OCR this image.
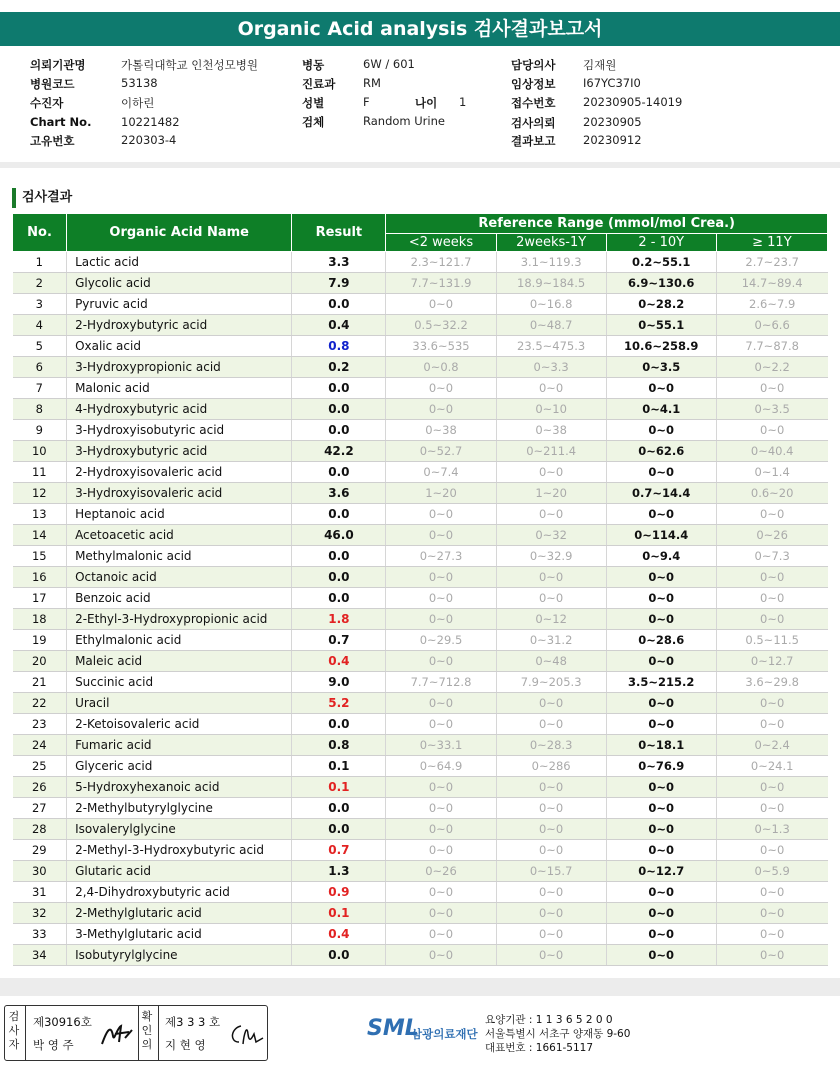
Organic Acid analysis 검사결과보고서
의뢰기관명	가톨릭대학교 인천성모병원
병원코드	53138
수진자	이하린
Chart No.	10221482
고유번호	220303-4
병동	6W / 601
진료과 RM
성별	F	나이 1
검체	Random Urine
담당의사 김재원
임상정보 I67YC37I0
접수번호 20230905-14019
검사의뢰 20230905
결과보고 20230912
검사결과
No.	Organic Acid Name	Result	Reference Range (mmol/mol Crea.)			
			<2 weeks	2weeks-1Y	2 - 10Y	≥ 11Y
1	Lactic acid	3.3	2.3~121.7	3.1~119.3	0.2~55.1	2.7~23.7
2	Glycolic acid	7.9	7.7~131.9	18.9~184.5	6.9~130.6	14.7~89.4
3	Pyruvic acid	0.0	0~0	0~16.8	0~28.2	2.6~7.9
4	2-Hydroxybutyric acid	0.4	0.5~32.2	0~48.7	0~55.1	0~6.6
5	Oxalic acid	0.8	33.6~535	23.5~475.3	10.6~258.9	7.7~87.8
6	3-Hydroxypropionic acid	0.2	0~0.8	0~3.3	0~3.5	0~2.2
7	Malonic acid	0.0	0~0	0~0	0~0	0~0
8	4-Hydroxybutyric acid	0.0	0~0	0~10	0~4.1	0~3.5
9	3-Hydroxyisobutyric acid	0.0	0~38	0~38	0~0	0~0
10	3-Hydroxybutyric acid	42.2	0~52.7	0~211.4	0~62.6	0~40.4
11	2-Hydroxyisovaleric acid	0.0	0~7.4	0~0	0~0	0~1.4
12	3-Hydroxyisovaleric acid	3.6	1~20	1~20	0.7~14.4	0.6~20
13	Heptanoic acid	0.0	0~0	0~0	0~0	0~0
14	Acetoacetic acid	46.0	0~0	0~32	0~114.4	0~26
15	Methylmalonic acid	0.0	0~27.3	0~32.9	0~9.4	0~7.3
16	Octanoic acid	0.0	0~0	0~0	0~0	0~0
17	Benzoic acid	0.0	0~0	0~0	0~0	0~0
18	2-Ethyl-3-Hydroxypropionic acid	1.8	0~0	0~12	0~0	0~0
19	Ethylmalonic acid	0.7	0~29.5	0~31.2	0~28.6	0.5~11.5
20	Maleic acid	0.4	0~0	0~48	0~0	0~12.7
21	Succinic acid	9.0	7.7~712.8	7.9~205.3	3.5~215.2	3.6~29.8
22	Uracil	5.2	0~0	0~0	0~0	0~0
23	2-Ketoisovaleric acid	0.0	0~0	0~0	0~0	0~0
24	Fumaric acid	0.8	0~33.1	0~28.3	0~18.1	0~2.4
25	Glyceric acid	0.1	0~64.9	0~286	0~76.9	0~24.1
26	5-Hydroxyhexanoic acid	0.1	0~0	0~0	0~0	0~0
27	2-Methylbutyrylglycine	0.0	0~0	0~0	0~0	0~0
28	Isovalerylglycine	0.0	0~0	0~0	0~0	0~1.3
29	2-Methyl-3-Hydroxybutyric acid	0.7	0~0	0~0	0~0	0~0
30	Glutaric acid	1.3	0~26	0~15.7	0~12.7	0~5.9
31	2,4-Dihydroxybutyric acid	0.9	0~0	0~0	0~0	0~0
32	2-Methylglutaric acid	0.1	0~0	0~0	0~0	0~0
33	3-Methylglutaric acid	0.4	0~0	0~0	0~0	0~0
34	Isobutyrylglycine	0.0	0~0	0~0	0~0	0~0
검사자
제30916호
박 영 주
확인의
제3 3 3 호
지 현 영
SML
삼광의료재단
요양기관 : 1 1 3 6 5 2 0 0
서울특별시 서초구 양재동 9-60
대표번호 : 1661-5117
